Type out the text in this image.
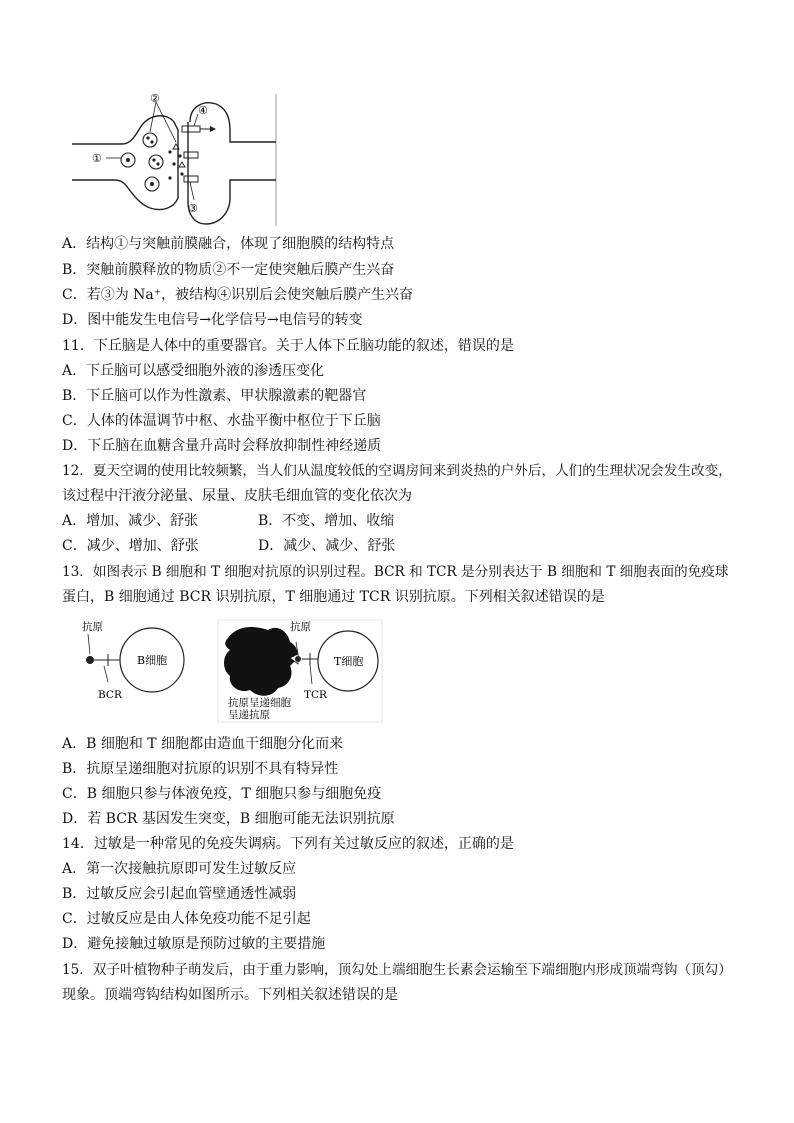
①
②
③
④
A．结构①与突触前膜融合，体现了细胞膜的结构特点
B．突触前膜释放的物质②不一定使突触后膜产生兴奋
C．若③为 Na⁺，被结构④识别后会使突触后膜产生兴奋
D．图中能发生电信号→化学信号→电信号的转变
11．下丘脑是人体中的重要器官。关于人体下丘脑功能的叙述，错误的是
A．下丘脑可以感受细胞外液的渗透压变化
B．下丘脑可以作为性激素、甲状腺激素的靶器官
C．人体的体温调节中枢、水盐平衡中枢位于下丘脑
D．下丘脑在血糖含量升高时会释放抑制性神经递质
12．夏天空调的使用比较频繁，当人们从温度较低的空调房间来到炎热的户外后，人们的生理状况会发生改变，
该过程中汗液分泌量、尿量、皮肤毛细血管的变化依次为
A．增加、减少、舒张	B．不变、增加、收缩
C．减少、增加、舒张	D．减少、减少、舒张
13．如图表示 B 细胞和 T 细胞对抗原的识别过程。BCR 和 TCR 是分别表达于 B 细胞和 T 细胞表面的免疫球
蛋白，B 细胞通过 BCR 识别抗原，T 细胞通过 TCR 识别抗原。下列相关叙述错误的是
抗原
BCR
B细胞
抗原
T细胞
TCR
抗原呈递细胞
呈递抗原
A．B 细胞和 T 细胞都由造血干细胞分化而来
B．抗原呈递细胞对抗原的识别不具有特异性
C．B 细胞只参与体液免疫，T 细胞只参与细胞免疫
D．若 BCR 基因发生突变，B 细胞可能无法识别抗原
14．过敏是一种常见的免疫失调病。下列有关过敏反应的叙述，正确的是
A．第一次接触抗原即可发生过敏反应
B．过敏反应会引起血管壁通透性减弱
C．过敏反应是由人体免疫功能不足引起
D．避免接触过敏原是预防过敏的主要措施
15．双子叶植物种子萌发后，由于重力影响，顶勾处上端细胞生长素会运输至下端细胞内形成顶端弯钩（顶勾）
现象。顶端弯钩结构如图所示。下列相关叙述错误的是
